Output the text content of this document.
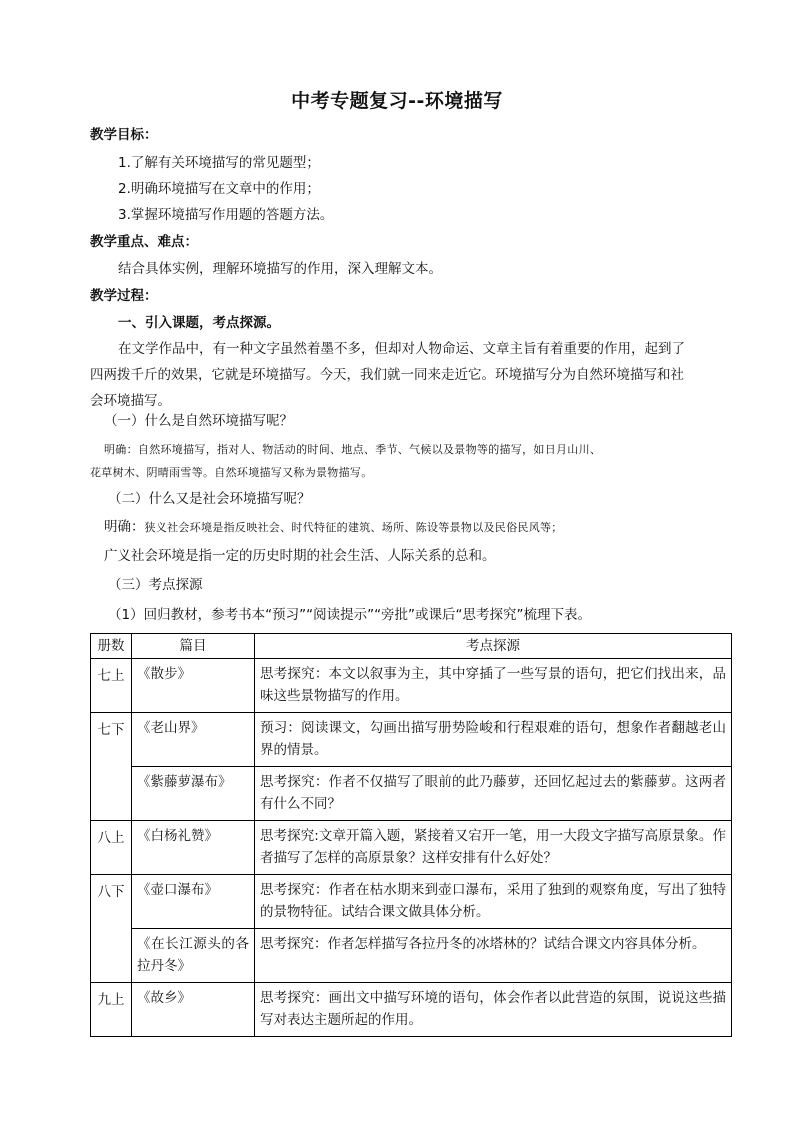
中考专题复习--环境描写
教学目标：
1.了解有关环境描写的常见题型；
2.明确环境描写在文章中的作用；
3.掌握环境描写作用题的答题方法。
教学重点、难点：
结合具体实例，理解环境描写的作用，深入理解文本。
教学过程：
一、引入课题，考点探源。
在文学作品中，有一种文字虽然着墨不多，但却对人物命运、文章主旨有着重要的作用，起到了
四两拨千斤的效果，它就是环境描写。今天，我们就一同来走近它。环境描写分为自然环境描写和社
会环境描写。
（一）什么是自然环境描写呢？
明确：自然环境描写，指对人、物活动的时间、地点、季节、气候以及景物等的描写，如日月山川、
花草树木、阴晴雨雪等。自然环境描写又称为景物描写。
（二）什么又是社会环境描写呢？
明确：狭义社会环境是指反映社会、时代特征的建筑、场所、陈设等景物以及民俗民风等；
广义社会环境是指一定的历史时期的社会生活、人际关系的总和。
（三）考点探源
（1）回归教材，参考书本“预习”“阅读提示”“旁批”或课后“思考探究”梳理下表。
册数	篇目	考点探源
七上	《散步》	思考探究：本文以叙事为主，其中穿插了一些写景的语句，把它们找出来，品味这些景物描写的作用。
七下	《老山界》	预习：阅读课文，勾画出描写册势险峻和行程艰难的语句，想象作者翻越老山界的情景。
	《紫藤萝瀑布》	思考探究：作者不仅描写了眼前的此乃藤萝，还回忆起过去的紫藤萝。这两者有什么不同？
八上	《白杨礼赞》	思考探究:文章开篇入题，紧接着又宕开一笔，用一大段文字描写高原景象。作者描写了怎样的高原景象？这样安排有什么好处？
八下	《壶口瀑布》	思考探究：作者在枯水期来到壶口瀑布，采用了独到的观察角度，写出了独特的景物特征。试结合课文做具体分析。
	《在长江源头的各拉丹冬》	思考探究：作者怎样描写各拉丹冬的冰塔林的？试结合课文内容具体分析。
九上	《故乡》	思考探究：画出文中描写环境的语句，体会作者以此营造的氛围，说说这些描写对表达主题所起的作用。
